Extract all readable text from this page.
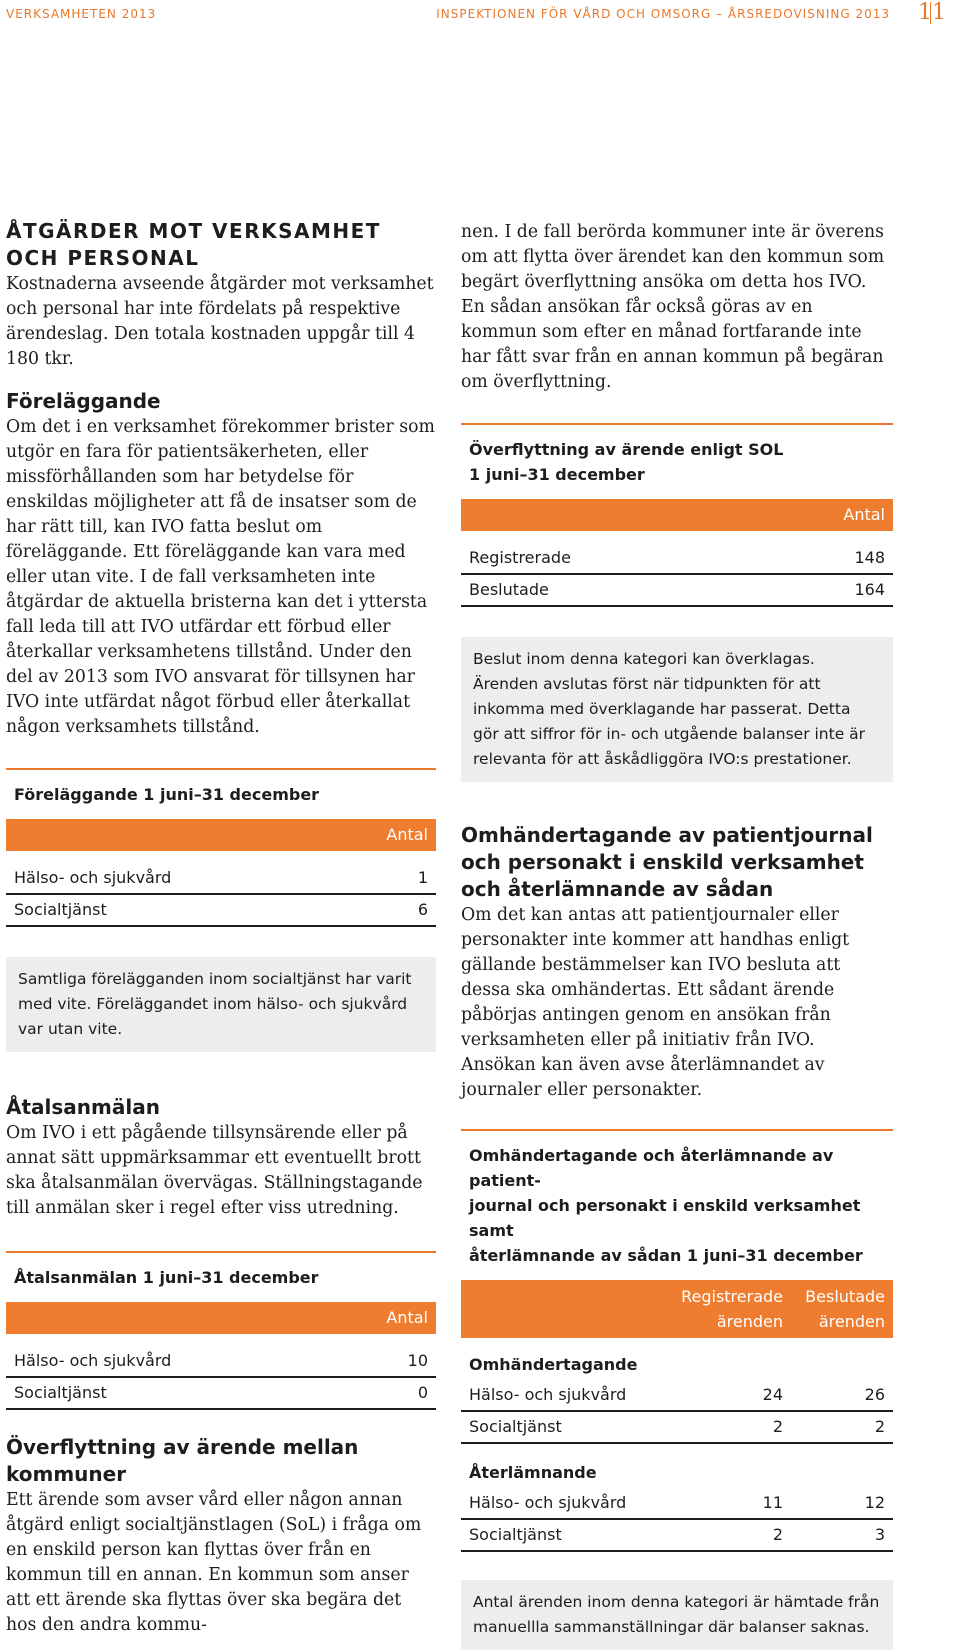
VERKSAMHETEN 2013	INSPEKTIONEN FÖR VÅRD OCH OMSORG – ÅRSREDOVISNING 2013 11
ÅTGÄRDER MOT VERKSAMHET
OCH PERSONAL

Kostnaderna avseende åtgärder mot verksamhet och personal har inte fördelats på respektive ärendeslag. Den totala kostnaden uppgår till 4 180 tkr.

Föreläggande

Om det i en verksamhet förekommer brister som utgör en fara för patientsäkerheten, eller missförhållanden som har betydelse för enskildas möjligheter att få de insatser som de har rätt till, kan IVO fatta beslut om föreläggande. Ett föreläggande kan vara med eller utan vite. I de fall verksamheten inte åtgärdar de aktuella bristerna kan det i yttersta fall leda till att IVO utfärdar ett förbud eller återkallar verksamhetens tillstånd. Under den del av 2013 som IVO ansvarat för tillsynen har IVO inte utfärdat något förbud eller återkallat någon verksamhets tillstånd.

Föreläggande 1 juni–31 december
Antal
Hälso- och sjukvård	1
Socialtjänst	6
Samtliga förelägganden inom socialtjänst har varit med vite. Föreläggandet inom hälso- och sjukvård var utan vite.
Åtalsanmälan

Om IVO i ett pågående tillsynsärende eller på annat sätt uppmärksammar ett eventuellt brott ska åtalsanmälan övervägas. Ställningstagande till anmälan sker i regel efter viss utredning.

Åtalsanmälan 1 juni–31 december
Antal
Hälso- och sjukvård	10
Socialtjänst	0
Överflyttning av ärende mellan kommuner

Ett ärende som avser vård eller någon annan åtgärd enligt socialtjänstlagen (SoL) i fråga om en enskild person kan flyttas över från en kommun till en annan. En kommun som anser att ett ärende ska flyttas över ska begära det hos den andra kommu-

nen. I de fall berörda kommuner inte är överens om att flytta över ärendet kan den kommun som begärt överflyttning ansöka om detta hos IVO. En sådan ansökan får också göras av en kommun som efter en månad fortfarande inte har fått svar från en annan kommun på begäran om överflyttning.

Överflyttning av ärende enligt SOL
1 juni–31 december
Antal
Registrerade	148
Beslutade	164
Beslut inom denna kategori kan överklagas. Ärenden avslutas först när tidpunkten för att inkomma med överklagande har passerat. Detta gör att siffror för in- och utgående balanser inte är relevanta för att åskådliggöra IVO:s prestationer.
Omhändertagande av patientjournal
och personakt i enskild verksamhet
och återlämnande av sådan

Om det kan antas att patientjournaler eller personakter inte kommer att handhas enligt gällande bestämmelser kan IVO besluta att dessa ska omhändertas. Ett sådant ärende påbörjas antingen genom en ansökan från verksamheten eller på initiativ från IVO. Ansökan kan även avse återlämnandet av journaler eller personakter.

Omhändertagande och återlämnande av patient-
journal och personakt i enskild verksamhet samt
återlämnande av sådan 1 juni–31 december
Registrerade
ärenden
Beslutade
ärenden
Omhändertagande
Hälso- och sjukvård	24	26
Socialtjänst	2	2
Återlämnande
Hälso- och sjukvård	11	12
Socialtjänst	2	3
Antal ärenden inom denna kategori är hämtade från manuellla sammanställningar där balanser saknas.
